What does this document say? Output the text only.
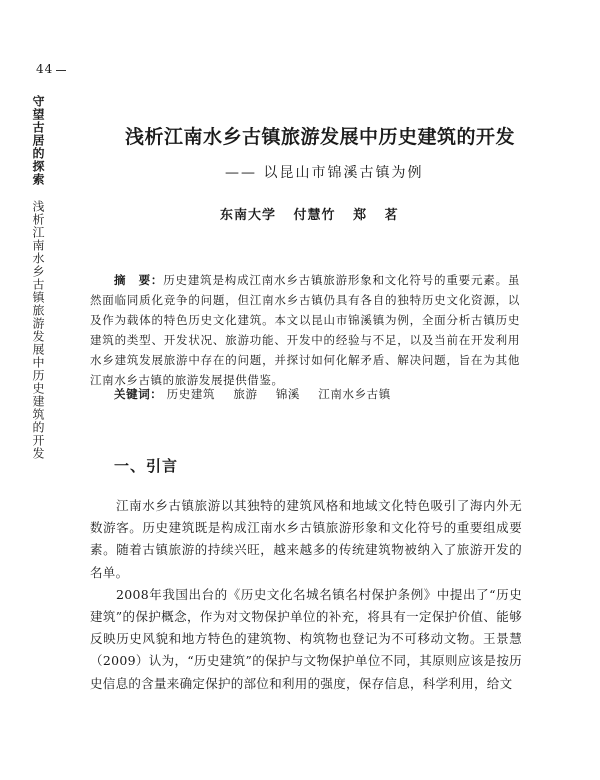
44
守望古居的探索
浅析江南水乡古镇旅游发展中历史建筑的开发
浅析江南水乡古镇旅游发展中历史建筑的开发
—— 以昆山市锦溪古镇为例
东南大学 付慧竹 郑 茗
摘　要：历史建筑是构成江南水乡古镇旅游形象和文化符号的重要元素。虽然面临同质化竞争的问题，但江南水乡古镇仍具有各自的独特历史文化资源，以及作为载体的特色历史文化建筑。本文以昆山市锦溪镇为例，全面分析古镇历史建筑的类型、开发状况、旅游功能、开发中的经验与不足，以及当前在开发利用水乡建筑发展旅游中存在的问题，并探讨如何化解矛盾、解决问题，旨在为其他江南水乡古镇的旅游发展提供借鉴。
关键词： 历史建筑 旅游 锦溪 江南水乡古镇
一、引言

江南水乡古镇旅游以其独特的建筑风格和地域文化特色吸引了海内外无数游客。历史建筑既是构成江南水乡古镇旅游形象和文化符号的重要组成要素。随着古镇旅游的持续兴旺，越来越多的传统建筑物被纳入了旅游开发的名单。

2008年我国出台的《历史文化名城名镇名村保护条例》中提出了“历史建筑”的保护概念，作为对文物保护单位的补充，将具有一定保护价值、能够反映历史风貌和地方特色的建筑物、构筑物也登记为不可移动文物。王景慧（2009）认为，“历史建筑”的保护与文物保护单位不同，其原则应该是按历史信息的含量来确定保护的部位和利用的强度，保存信息，科学利用，给文
